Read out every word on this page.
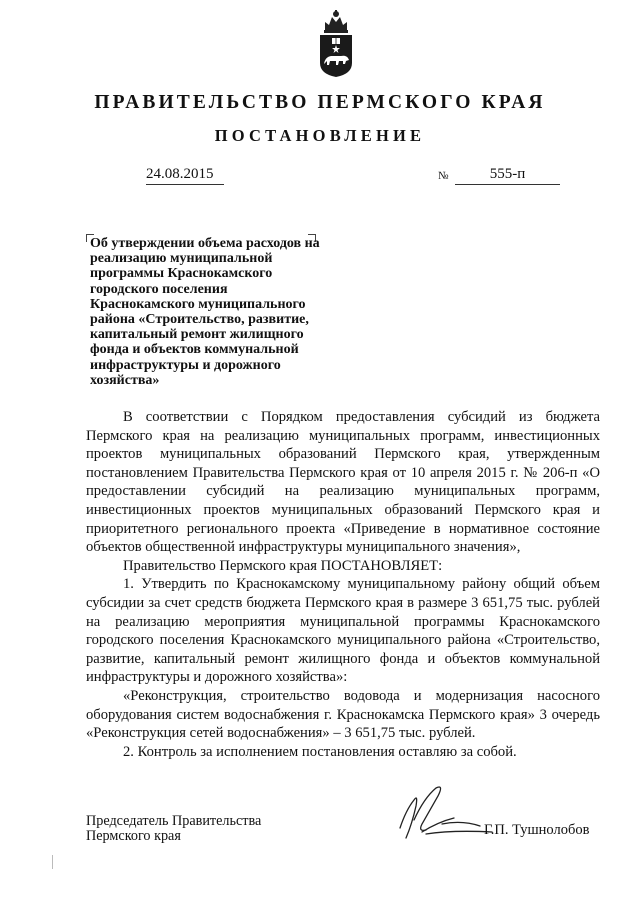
ПРАВИТЕЛЬСТВО ПЕРМСКОГО КРАЯ
ПОСТАНОВЛЕНИЕ
24.08.2015	№	555-п

Об утверждении объема расходов на реализацию муниципальной программы Краснокамского городского поселения Краснокамского муниципального района «Строительство, развитие, капитальный ремонт жилищного фонда и объектов коммунальной инфраструктуры и дорожного хозяйства»

В соответствии с Порядком предоставления субсидий из бюджета Пермского края на реализацию муниципальных программ, инвестиционных проектов муниципальных образований Пермского края, утвержденным постановлением Правительства Пермского края от 10 апреля 2015 г. № 206-п «О предоставлении субсидий на реализацию муниципальных программ, инвестиционных проектов муниципальных образований Пермского края и приоритетного регионального проекта «Приведение в нормативное состояние объектов общественной инфраструктуры муниципального значения»,

Правительство Пермского края ПОСТАНОВЛЯЕТ:

1. Утвердить по Краснокамскому муниципальному району общий объем субсидии за счет средств бюджета Пермского края в размере 3 651,75 тыс. рублей на реализацию мероприятия муниципальной программы Краснокамского городского поселения Краснокамского муниципального района «Строительство, развитие, капитальный ремонт жилищного фонда и объектов коммунальной инфраструктуры и дорожного хозяйства»:

«Реконструкция, строительство водовода и модернизация насосного оборудования систем водоснабжения г. Краснокамска Пермского края» 3 очередь «Реконструкция сетей водоснабжения» – 3 651,75 тыс. рублей.

2. Контроль за исполнением постановления оставляю за собой.

Председатель Правительства
Пермского края	Г.П. Тушнолобов
